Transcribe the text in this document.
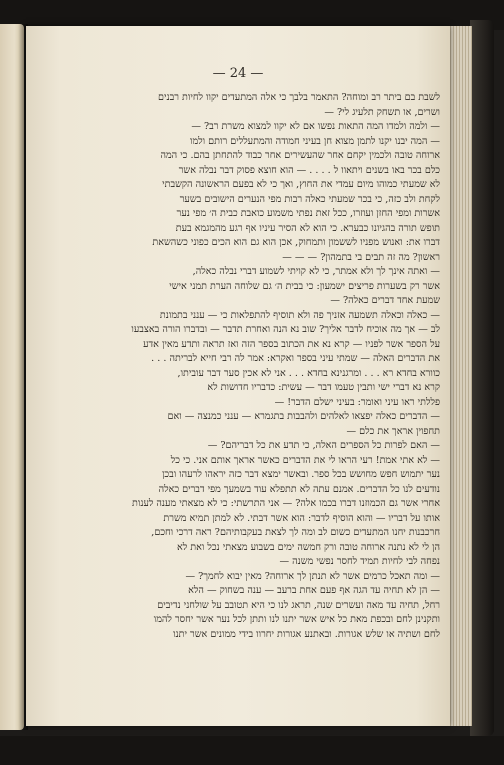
— 24 —
לשבת בם ביתר רב ומוחה? התאמר בלבך כי אלה המתעדים יקוו לחיות רבנים
ושרים, או תשחק תלעיג לי? —
— ולמה ולמדו המה התאות נפשו אם לא יקוו למצוא משרת רב? —
— המה יבנו יקנו לתמן מצוא חן בעיני חמודה והמתעללים רותם ולמו
ארוחה טובה ולכמין יקחם אחר שהעשירים אחר כבוד להתחתן בהם. כי המה
כלם בכר באו בשנים ויתאוו ל . . . . — הוא חוצא פסוק דבר נבלה אשר
לא שמעתי כמוהו מיום עמדי את החוץ, ואך כי לא בפעם הראשונה הקשבתי
לקחת ולב כזה, כי בכר שמעתי כאלה רבות מפי הנערים הישובים בשער
אשרות ומפי החזן ועוזרו, ככל זאת נפתי משמוע כואבת כבית ה׳ מפי נער
תופש תורה בהגיונו כבערא. כי הוא לא הסיר עיניו אף רגע מהמגמא בעת
דברו את: ואנוש מפניו לששמון ותמחוק, אכן הוא גם הוא הכים כפוני כשהשאת
ראשון? מה זה תבים בי בתמהון? — — —
— ואתה אינך לך ולא אמתר, כי לא קויתי לשמוע דברי נבלה כאלה,
אשר רק בשערות פריצים ישמעון: כי בבית ה׳ גם שלוחה הערת תמני אישי
שמעת אחד דברים כאלה? —
— כאלה וכאלה תשמעה אזניך פה ולא תוסיף להתפלאות כי — ענני בתמונת
לב — אך מה אוכיח לדבר אליך? שוב נא הנה ואחרת תדבר — ובדברו הורה באצבעו
על הספר אשר לפניו — קרא נא את הכתוב בספר הזה ואז תראה ותדע מאין אדע
את הדברים האלה — שמתי עיני בספר ואקרא: אמר לה רבי חייא לבריתה . . .
כוורא בחדא רא . . . ומרגנינא בחדא . . . אני לא אכין סער דבר עוביתו,
קרא נא דברי ישי ותבין טעמו דבר — עשית: כדבריו חדושות לא
פללתי ראו עיני ואומר: בעיני ישלם הדבר! —
— הדברים כאלה יפצאו לאלהים ולהבבות בתגמרא — ענני כמנצה — ואם
תחפוין אראך את כלם —
— האם לפרות כל הספרים האלה, כי תדע את כל דבריהם? —
— לא אתי אמת! רעי הראו לי את הדברים כאשר אראך אותם אני. כי כל
נער יתמוש חפש מחושש בכל ספר. ובאשר ימצא דבר כזה יראהו לרעהו ובכן
נודעים לנו כל הדברים. אמנם עתה לא תתפלא עוד בשמעך מפי דברים כאלה
אחרי אשר גם הכמוזנו דברו בכמו אלה? — אני התרשתי: כי לא מצאתי מענה לענות
אותו על דבריו — והוא הוסיף לדבר: הוא אשר דבתי. לא למתן תמיא משרת
חרכבנות יחנו המתעדים כשום לב ומה לך לצאת בעקבותיהם? ראה דרכי וחכם,
הן לי לא נתנה ארוחה טובה ורק חמשה ימים בשבוע מצאתי נכל ואת לא
נפחה לבי לחיות תמיד לחסר נפשי משנה —
— ומה תאכל כרמים אשר לא תנתן לך ארוחה? מאין יבוא לחמך? —
— הן לא תחיה עד הגה אף פעם אחת ברעב — ענה בשחוק — הלא
רחל, תחיה עד מאה ועשרים שנה, תראג לנו כי היא תטובב על שולחני נדיבים
ותקנינן לחם ובכפת מאת כל איש אשר יתנו לנו ותתן לכל נער אשר יחסר להמו
לחם ושתיה או שלש אגורות. ובאתנע אגורות יחרוו בידי ממונים אשר יתנו
